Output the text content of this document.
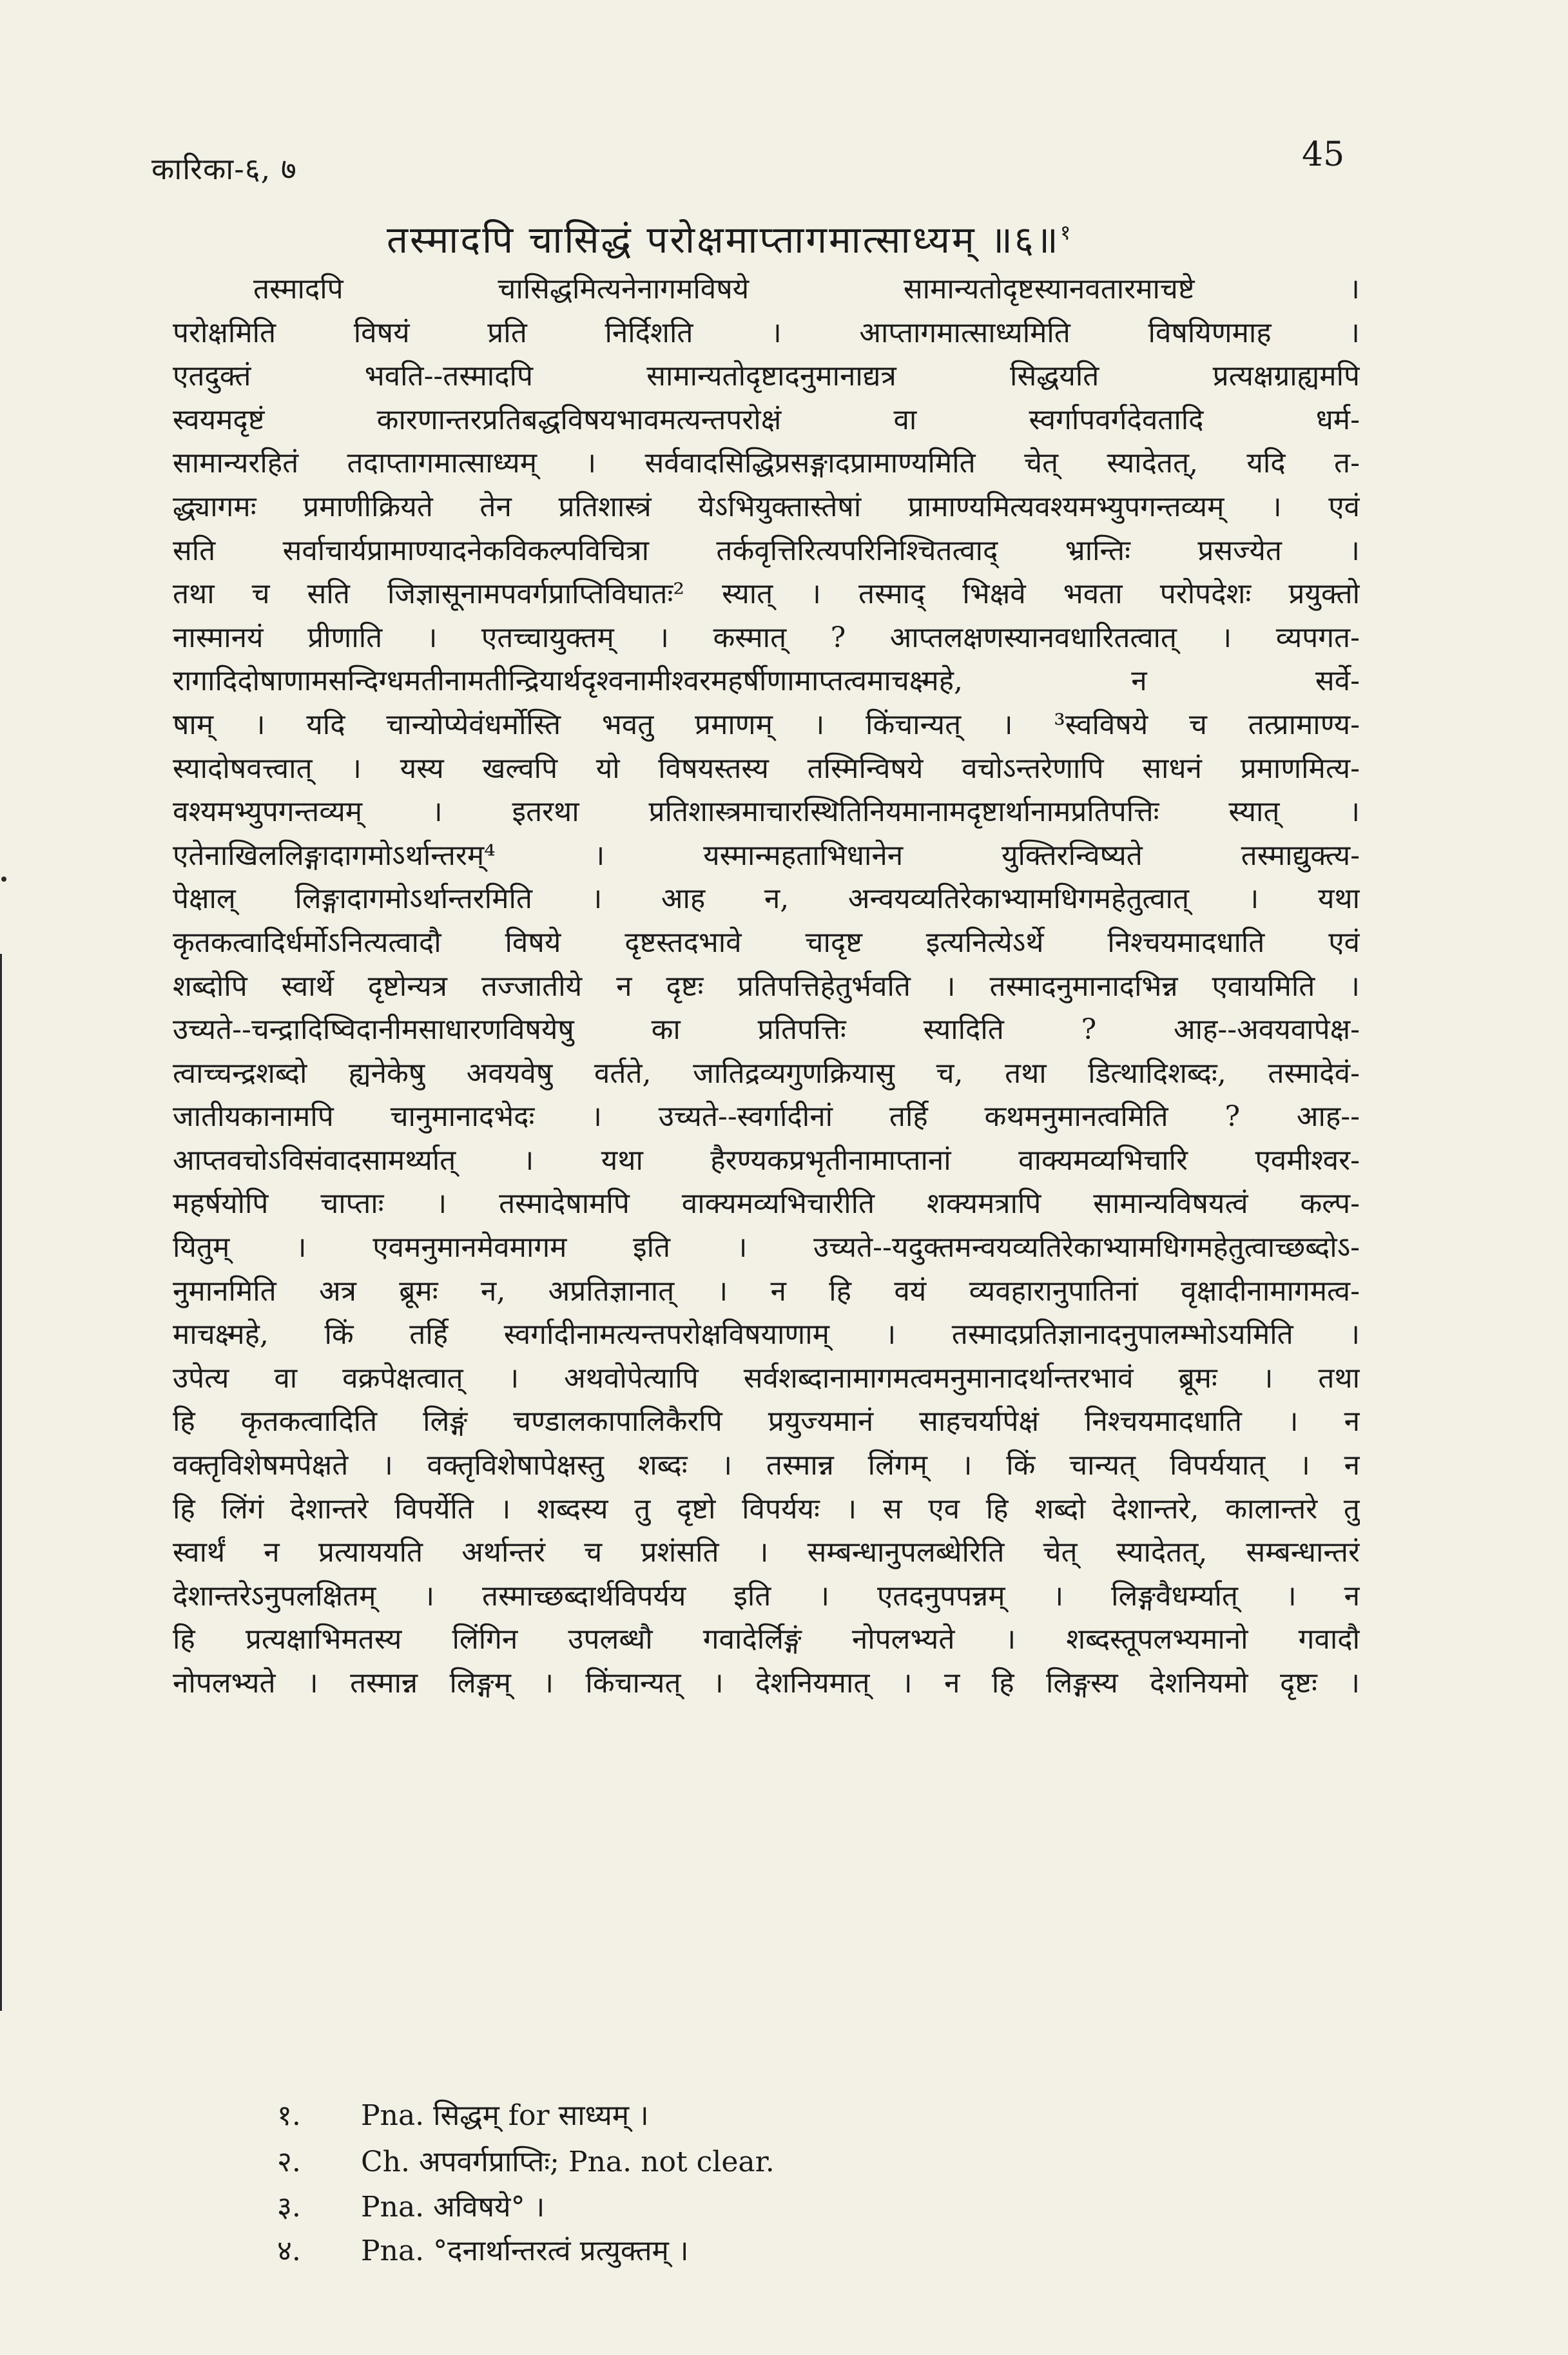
कारिका-६, ७	45
तस्मादपि चासिद्धं परोक्षमाप्तागमात्साध्यम् ॥६॥$^१$
तस्मादपि चासिद्धमित्यनेनागमविषये सामान्यतोदृष्टस्यानवतारमाचष्टे ।
परोक्षमिति विषयं प्रति निर्दिशति । आप्तागमात्साध्यमिति विषयिणमाह ।
एतदुक्तं भवति--तस्मादपि सामान्यतोदृष्टादनुमानाद्यत्र सिद्धयति प्रत्यक्षग्राह्यमपि
स्वयमदृष्टं कारणान्तरप्रतिबद्धविषयभावमत्यन्तपरोक्षं वा स्वर्गापवर्गदेवतादि धर्म-
सामान्यरहितं तदाप्तागमात्साध्यम् । सर्ववादसिद्धिप्रसङ्गादप्रामाण्यमिति चेत् स्यादेतत्, यदि त-
द्ध्यागमः प्रमाणीक्रियते तेन प्रतिशास्त्रं येऽभियुक्तास्तेषां प्रामाण्यमित्यवश्यमभ्युपगन्तव्यम् । एवं
सति सर्वाचार्यप्रामाण्यादनेकविकल्पविचित्रा तर्कवृत्तिरित्यपरिनिश्चितत्वाद् भ्रान्तिः प्रसज्येत ।
तथा च सति जिज्ञासूनामपवर्गप्राप्तिविघातः² स्यात् । तस्माद् भिक्षवे भवता परोपदेशः प्रयुक्तो
नास्मानयं प्रीणाति । एतच्चायुक्तम् । कस्मात् ? आप्तलक्षणस्यानवधारितत्वात् । व्यपगत-
रागादिदोषाणामसन्दिग्धमतीनामतीन्द्रियार्थदृश्वनामीश्वरमहर्षीणामाप्तत्वमाचक्ष्महे, न सर्वे-
षाम् । यदि चान्योप्येवंधर्मोस्ति भवतु प्रमाणम् । किंचान्यत् । ³स्वविषये च तत्प्रामाण्य-
स्यादोषवत्त्वात् । यस्य खल्वपि यो विषयस्तस्य तस्मिन्विषये वचोऽन्तरेणापि साधनं प्रमाणमित्य-
वश्यमभ्युपगन्तव्यम् । इतरथा प्रतिशास्त्रमाचारस्थितिनियमानामदृष्टार्थानामप्रतिपत्तिः स्यात् ।
एतेनाखिललिङ्गादागमोऽर्थान्तरम्⁴ । यस्मान्महताभिधानेन युक्तिरन्विष्यते तस्माद्युक्त्य-
पेक्षाल् लिङ्गादागमोऽर्थान्तरमिति । आह न, अन्वयव्यतिरेकाभ्यामधिगमहेतुत्वात् । यथा
कृतकत्वादिर्धर्मोऽनित्यत्वादौ विषये दृष्टस्तदभावे चादृष्ट इत्यनित्येऽर्थे निश्चयमादधाति एवं
शब्दोपि स्वार्थे दृष्टोन्यत्र तज्जातीये न दृष्टः प्रतिपत्तिहेतुर्भवति । तस्मादनुमानादभिन्न एवायमिति ।
उच्यते--चन्द्रादिष्विदानीमसाधारणविषयेषु का प्रतिपत्तिः स्यादिति ? आह--अवयवापेक्ष-
त्वाच्चन्द्रशब्दो ह्यनेकेषु अवयवेषु वर्तते, जातिद्रव्यगुणक्रियासु च, तथा डित्थादिशब्दः, तस्मादेवं-
जातीयकानामपि चानुमानादभेदः । उच्यते--स्वर्गादीनां तर्हि कथमनुमानत्वमिति ? आह--
आप्तवचोऽविसंवादसामर्थ्यात् । यथा हैरण्यकप्रभृतीनामाप्तानां वाक्यमव्यभिचारि एवमीश्वर-
महर्षयोपि चाप्ताः । तस्मादेषामपि वाक्यमव्यभिचारीति शक्यमत्रापि सामान्यविषयत्वं कल्प-
यितुम् । एवमनुमानमेवमागम इति । उच्यते--यदुक्तमन्वयव्यतिरेकाभ्यामधिगमहेतुत्वाच्छब्दोऽ-
नुमानमिति अत्र ब्रूमः न, अप्रतिज्ञानात् । न हि वयं व्यवहारानुपातिनां वृक्षादीनामागमत्व-
माचक्ष्महे, किं तर्हि स्वर्गादीनामत्यन्तपरोक्षविषयाणाम् । तस्मादप्रतिज्ञानादनुपालम्भोऽयमिति ।
उपेत्य वा वक्रपेक्षत्वात् । अथवोपेत्यापि सर्वशब्दानामागमत्वमनुमानादर्थान्तरभावं ब्रूमः । तथा
हि कृतकत्वादिति लिङ्गं चण्डालकापालिकैरपि प्रयुज्यमानं साहचर्यापेक्षं निश्चयमादधाति । न
वक्तृविशेषमपेक्षते । वक्तृविशेषापेक्षस्तु शब्दः । तस्मान्न लिंगम् । किं चान्यत् विपर्ययात् । न
हि लिंगं देशान्तरे विपर्येति । शब्दस्य तु दृष्टो विपर्ययः । स एव हि शब्दो देशान्तरे, कालान्तरे तु
स्वार्थं न प्रत्याययति अर्थान्तरं च प्रशंसति । सम्बन्धानुपलब्धेरिति चेत् स्यादेतत्, सम्बन्धान्तरं
देशान्तरेऽनुपलक्षितम् । तस्माच्छब्दार्थविपर्यय इति । एतदनुपपन्नम् । लिङ्गवैधर्म्यात् । न
हि प्रत्यक्षाभिमतस्य लिंगिन उपलब्धौ गवादेर्लिङ्गं नोपलभ्यते । शब्दस्तूपलभ्यमानो गवादौ
नोपलभ्यते । तस्मान्न लिङ्गम् । किंचान्यत् । देशनियमात् । न हि लिङ्गस्य देशनियमो दृष्टः ।
१. Pna. सिद्धम् for साध्यम् ।
२. Ch. अपवर्गप्राप्तिः; Pna. not clear.
३. Pna. अविषये° ।
४. Pna. °दनार्थान्तरत्वं प्रत्युक्तम् ।
